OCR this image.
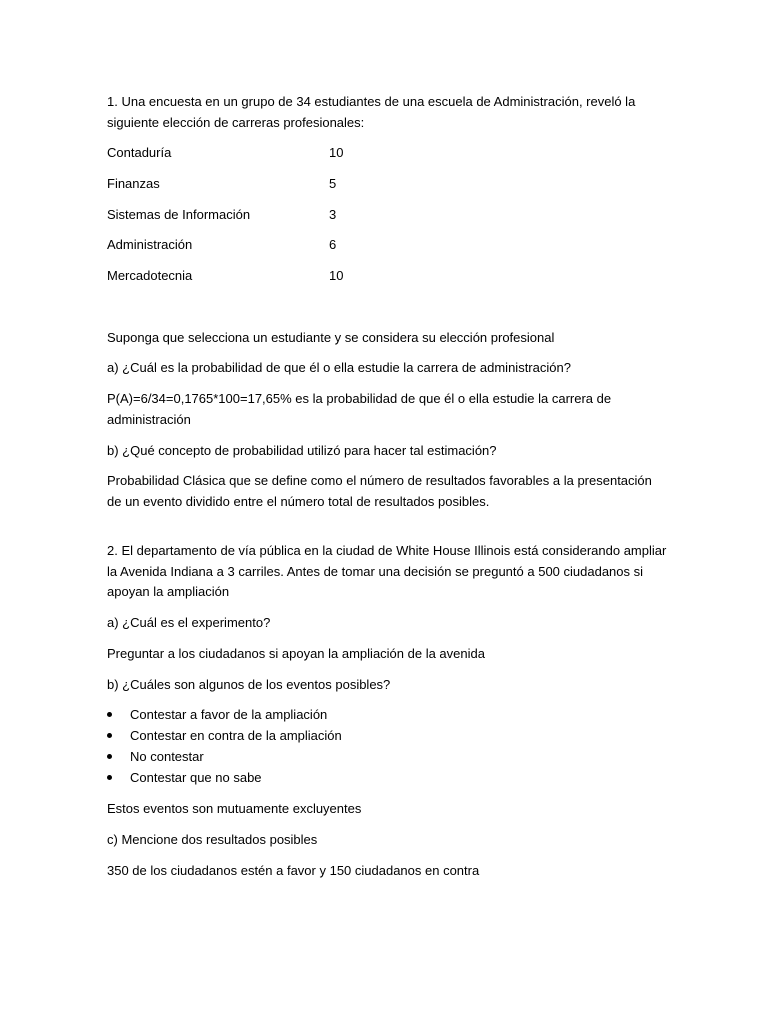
1. Una encuesta en un grupo de 34 estudiantes de una escuela de Administración, reveló la siguiente elección de carreras profesionales:

Contaduría	10
Finanzas	5
Sistemas de Información	3
Administración	6
Mercadotecnia	10

Suponga que selecciona un estudiante y se considera su elección profesional

a) ¿Cuál es la probabilidad de que él o ella estudie la carrera de administración?

P(A)=6/34=0,1765*100=17,65% es la probabilidad de que él o ella estudie la carrera de administración

b) ¿Qué concepto de probabilidad utilizó para hacer tal estimación?

Probabilidad Clásica que se define como el número de resultados favorables a la presentación de un evento dividido entre el número total de resultados posibles.

2. El departamento de vía pública en la ciudad de White House Illinois está considerando ampliar la Avenida Indiana a 3 carriles. Antes de tomar una decisión se preguntó a 500 ciudadanos si apoyan la ampliación

a) ¿Cuál es el experimento?

Preguntar a los ciudadanos si apoyan la ampliación de la avenida

b) ¿Cuáles son algunos de los eventos posibles?

Contestar a favor de la ampliación
Contestar en contra de la ampliación
No contestar
Contestar que no sabe

Estos eventos son mutuamente excluyentes

c) Mencione dos resultados posibles

350 de los ciudadanos estén a favor y 150 ciudadanos en contra
